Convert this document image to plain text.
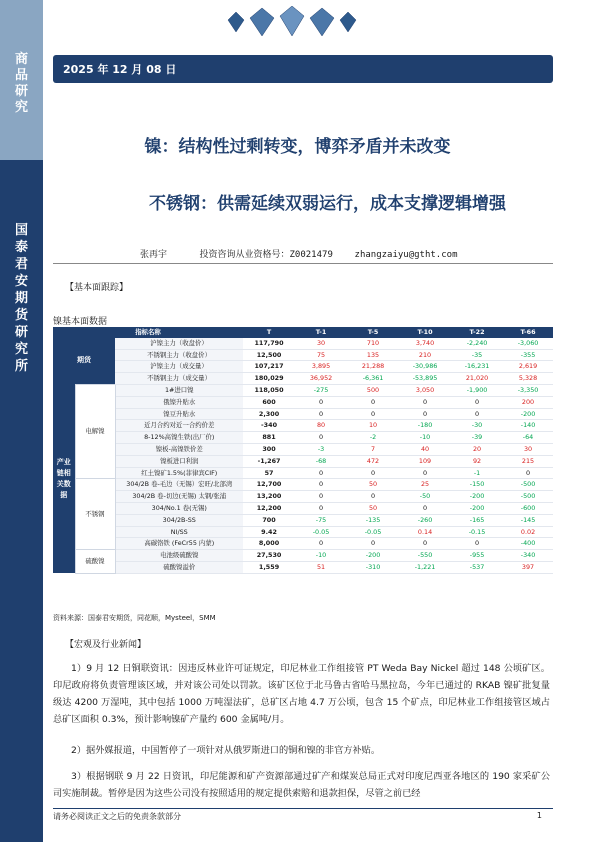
商
品
研
究
国
泰
君
安
期
货
研
究
所
2025 年 12 月 08 日
镍：结构性过剩转变，博弈矛盾并未改变
不锈钢：供需延续双弱运行，成本支撑逻辑增强
张再宇      投资咨询从业资格号：Z0021479    zhangzaiyu@gtht.com
【基本面跟踪】
镍基本面数据
指标名称			T	T-1	T-5	T-10	T-22	T-66
期货		沪镍主力（收盘价）	117,790	30	710	3,740	-2,240	-3,060
		不锈钢主力（收盘价）	12,500	75	135	210	-35	-355
		沪镍主力（成交量）	107,217	3,895	21,288	-30,986	-16,231	2,619
		不锈钢主力（成交量）	180,029	36,952	-6,361	-53,895	21,020	5,328
产业链相关数据	电解镍	1#进口镍	118,050	-275	500	3,050	-1,900	-3,350
		俄镍升贴水	600	0	0	0	0	200
		镍豆升贴水	2,300	0	0	0	0	-200
		近月合约对近一合约价差	-340	80	10	-180	-30	-140
		8-12%高镍生铁(出厂价)	881	0	-2	-10	-39	-64
		镍板-高镍铁价差	300	-3	7	40	20	30
		镍板进口利润	-1,267	-68	472	109	92	215
		红土镍矿1.5%(菲律宾CIF)	57	0	0	0	-1	0
	不锈钢	304/2B 卷-毛边（无锡）宏旺/北部湾	12,700	0	50	25	-150	-500
		304/2B 卷-切边(无锡) 太钢/张浦	13,200	0	0	-50	-200	-500
		304/No.1 卷(无锡)	12,200	0	50	0	-200	-600
		304/2B-SS	700	-75	-135	-260	-165	-145
		NI/SS	9.42	-0.05	-0.05	0.14	-0.15	0.02
		高碳铬铁 (FeCr55 内蒙)	8,000	0	0	0	0	-400
	硫酸镍	电池级硫酸镍	27,530	-10	-200	-550	-955	-340
		硫酸镍溢价	1,559	51	-310	-1,221	-537	397
资料来源：国泰君安期货，同花顺，Mysteel，SMM
【宏观及行业新闻】
1）9 月 12 日铜联资讯：因违反林业许可证规定，印尼林业工作组接管 PT Weda Bay Nickel 超过 148 公顷矿区。印尼政府将负责管理该区域，并对该公司处以罚款。该矿区位于北马鲁古省哈马黑拉岛，今年已通过的 RKAB 镍矿批复量级达 4200 万湿吨，其中包括 1000 万吨湿法矿，总矿区占地 4.7 万公顷，包含 15 个矿点，印尼林业工作组接管区域占总矿区面积 0.3%，预计影响镍矿产量约 600 金属吨/月。
2）据外媒报道，中国暂停了一项针对从俄罗斯进口的铜和镍的非官方补贴。
3）根据钢联 9 月 22 日资讯，印尼能源和矿产资源部通过矿产和煤炭总局正式对印度尼西亚各地区的 190 家采矿公司实施制裁。暂停是因为这些公司没有按照适用的规定提供索赔和退款担保，尽管之前已经
请务必阅读正文之后的免责条款部分	1
